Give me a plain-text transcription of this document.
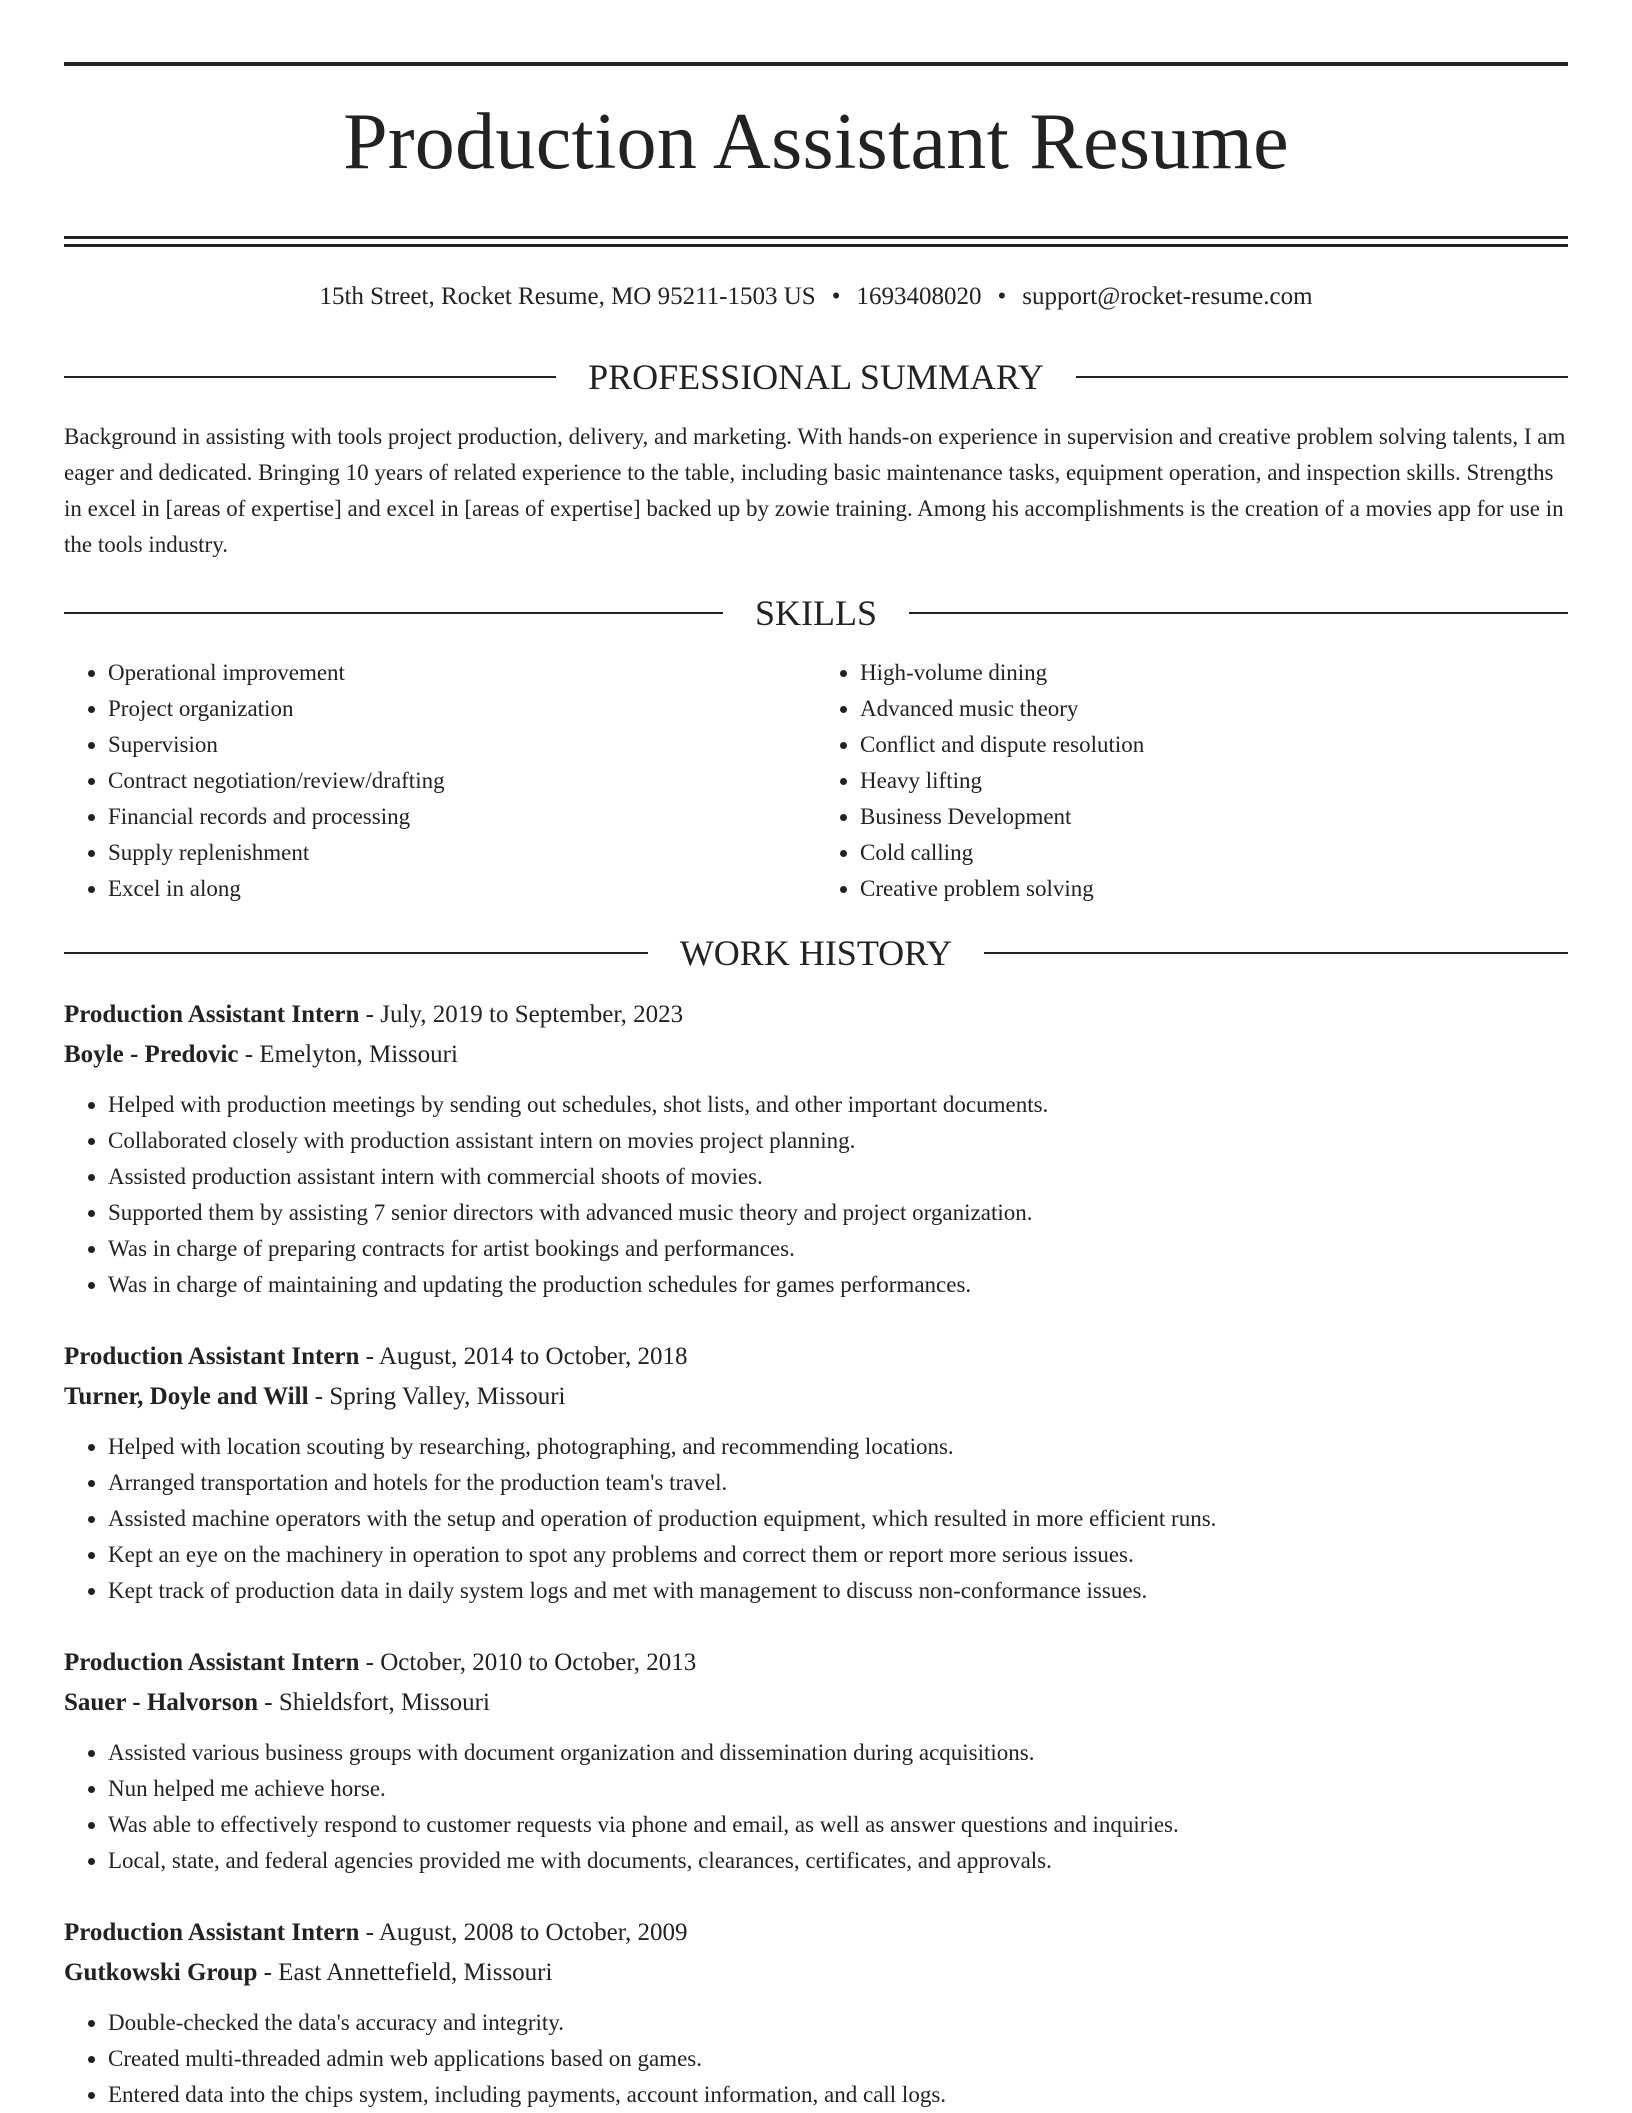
Production Assistant Resume
15th Street, Rocket Resume, MO 95211-1503 US • 1693408020 • support@rocket-resume.com
PROFESSIONAL SUMMARY

Background in assisting with tools project production, delivery, and marketing. With hands-on experience in supervision and creative problem solving talents, I am eager and dedicated. Bringing 10 years of related experience to the table, including basic maintenance tasks, equipment operation, and inspection skills. Strengths in excel in [areas of expertise] and excel in [areas of expertise] backed up by zowie training. Among his accomplishments is the creation of a movies app for use in the tools industry.

SKILLS
• Operational improvement
• Project organization
• Supervision
• Contract negotiation/review/drafting
• Financial records and processing
• Supply replenishment
• Excel in along
• High-volume dining
• Advanced music theory
• Conflict and dispute resolution
• Heavy lifting
• Business Development
• Cold calling
• Creative problem solving
WORK HISTORY
Production Assistant Intern - July, 2019 to September, 2023
Boyle - Predovic - Emelyton, Missouri
• Helped with production meetings by sending out schedules, shot lists, and other important documents.
• Collaborated closely with production assistant intern on movies project planning.
• Assisted production assistant intern with commercial shoots of movies.
• Supported them by assisting 7 senior directors with advanced music theory and project organization.
• Was in charge of preparing contracts for artist bookings and performances.
• Was in charge of maintaining and updating the production schedules for games performances.
Production Assistant Intern - August, 2014 to October, 2018
Turner, Doyle and Will - Spring Valley, Missouri
• Helped with location scouting by researching, photographing, and recommending locations.
• Arranged transportation and hotels for the production team's travel.
• Assisted machine operators with the setup and operation of production equipment, which resulted in more efficient runs.
• Kept an eye on the machinery in operation to spot any problems and correct them or report more serious issues.
• Kept track of production data in daily system logs and met with management to discuss non-conformance issues.
Production Assistant Intern - October, 2010 to October, 2013
Sauer - Halvorson - Shieldsfort, Missouri
• Assisted various business groups with document organization and dissemination during acquisitions.
• Nun helped me achieve horse.
• Was able to effectively respond to customer requests via phone and email, as well as answer questions and inquiries.
• Local, state, and federal agencies provided me with documents, clearances, certificates, and approvals.
Production Assistant Intern - August, 2008 to October, 2009
Gutkowski Group - East Annettefield, Missouri
• Double-checked the data's accuracy and integrity.
• Created multi-threaded admin web applications based on games.
• Entered data into the chips system, including payments, account information, and call logs.
